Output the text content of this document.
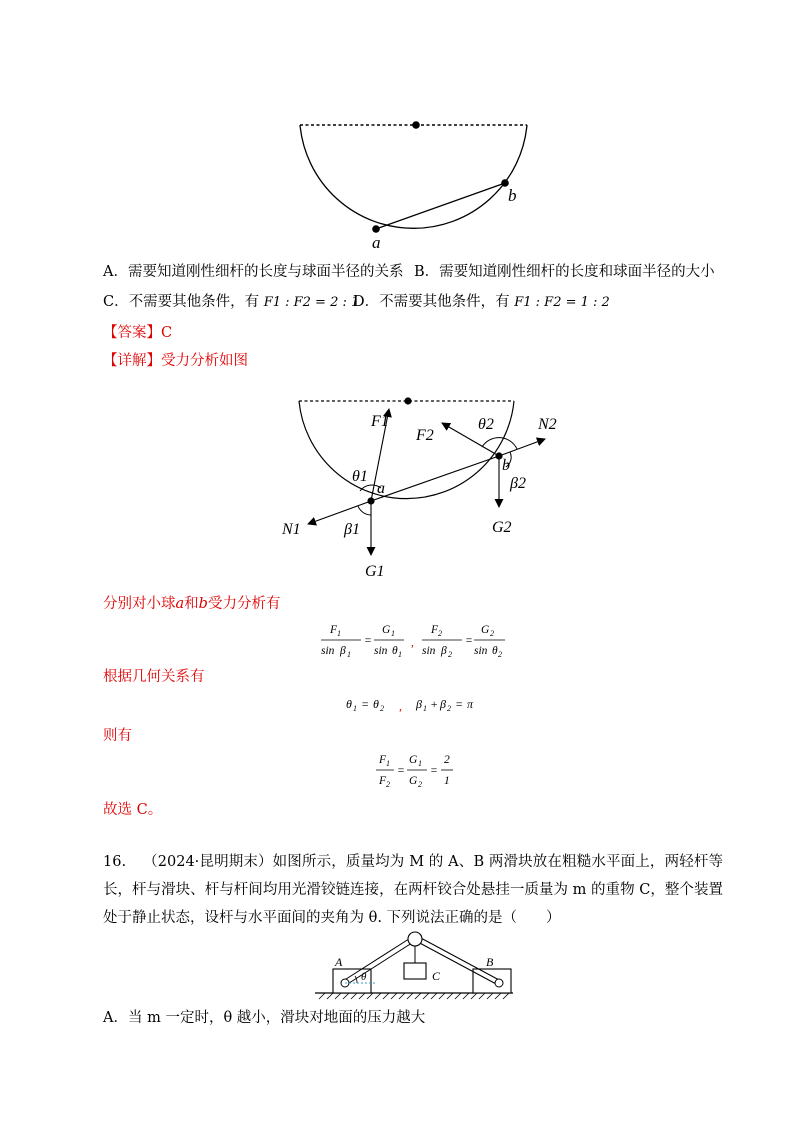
a
b
A．需要知道刚性细杆的长度与球面半径的关系 B．需要知道刚性细杆的长度和球面半径的大小
C．不需要其他条件，有 F1 : F2 = 2 : 1
D．不需要其他条件，有 F1 : F2 = 1 : 2
【答案】C
【详解】受力分析如图
F1
F2
θ2	N2
θ1
a
b
β2
N1	β1	G2
G1
分别对小球a和b受力分析有
F 1
sin β 1
=
G 1
sin θ 1
,
F 2
sin β 2
=
G 2
sin θ 2
根据几何关系有
θ 1 = θ 2 , β 1 + β 2 = π
则有
F 1
F 2
=
G 1
G 2
=
2
1
故选 C。
16. （2024·昆明期末）如图所示，质量均为 M 的 A、B 两滑块放在粗糙水平面上，两轻杆等长，杆与滑块、杆与杆间均用光滑铰链连接，在两杆铰合处悬挂一质量为 m 的重物 C，整个装置处于静止状态，设杆与水平面间的夹角为 θ. 下列说法正确的是（　　）
A	B
C
θ
A．当 m 一定时，θ 越小，滑块对地面的压力越大
